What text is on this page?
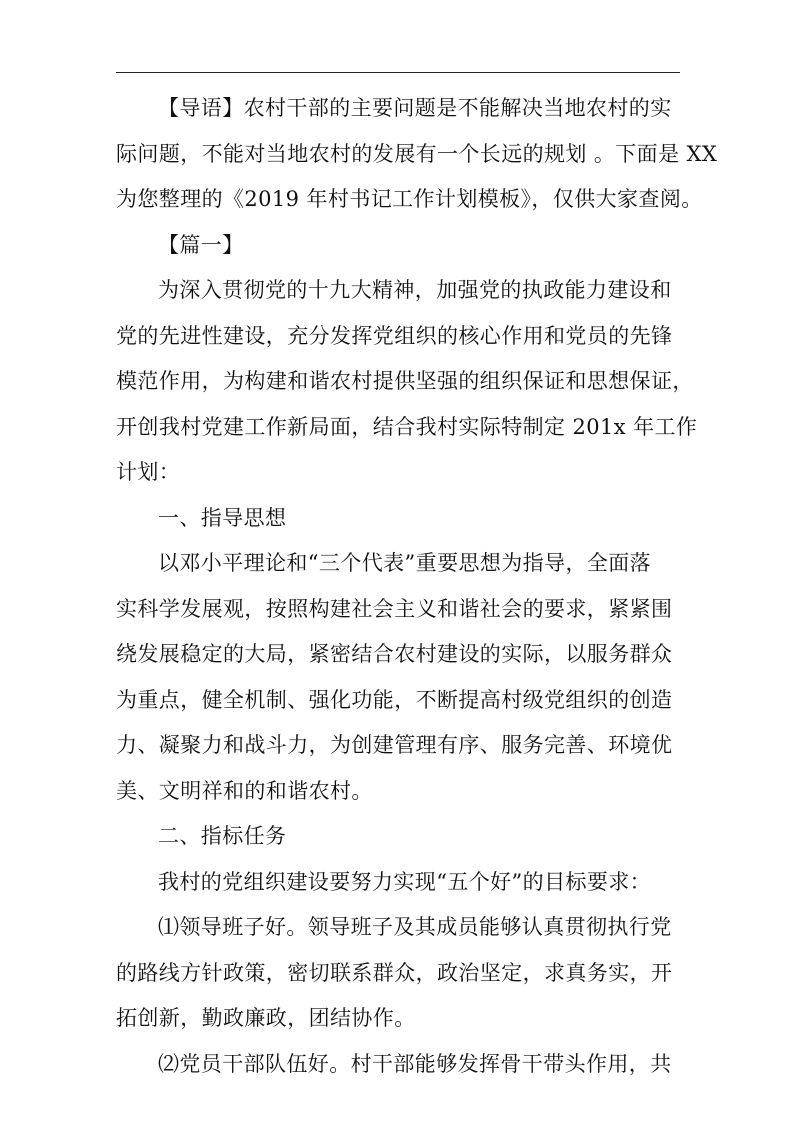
【导语】农村干部的主要问题是不能解决当地农村的实
际问题，不能对当地农村的发展有一个长远的规划 。下面是 XX
为您整理的《2019 年村书记工作计划模板》，仅供大家查阅。
【篇一】
为深入贯彻党的十九大精神，加强党的执政能力建设和
党的先进性建设，充分发挥党组织的核心作用和党员的先锋
模范作用，为构建和谐农村提供坚强的组织保证和思想保证，
开创我村党建工作新局面，结合我村实际特制定 201x 年工作
计划：
一、指导思想
以邓小平理论和“三个代表”重要思想为指导，全面落
实科学发展观，按照构建社会主义和谐社会的要求，紧紧围
绕发展稳定的大局，紧密结合农村建设的实际，以服务群众
为重点，健全机制、强化功能，不断提高村级党组织的创造
力、凝聚力和战斗力，为创建管理有序、服务完善、环境优
美、文明祥和的和谐农村。
二、指标任务
我村的党组织建设要努力实现“五个好”的目标要求：
⑴领导班子好。领导班子及其成员能够认真贯彻执行党
的路线方针政策，密切联系群众，政治坚定，求真务实，开
拓创新，勤政廉政，团结协作。
⑵党员干部队伍好。村干部能够发挥骨干带头作用，共
